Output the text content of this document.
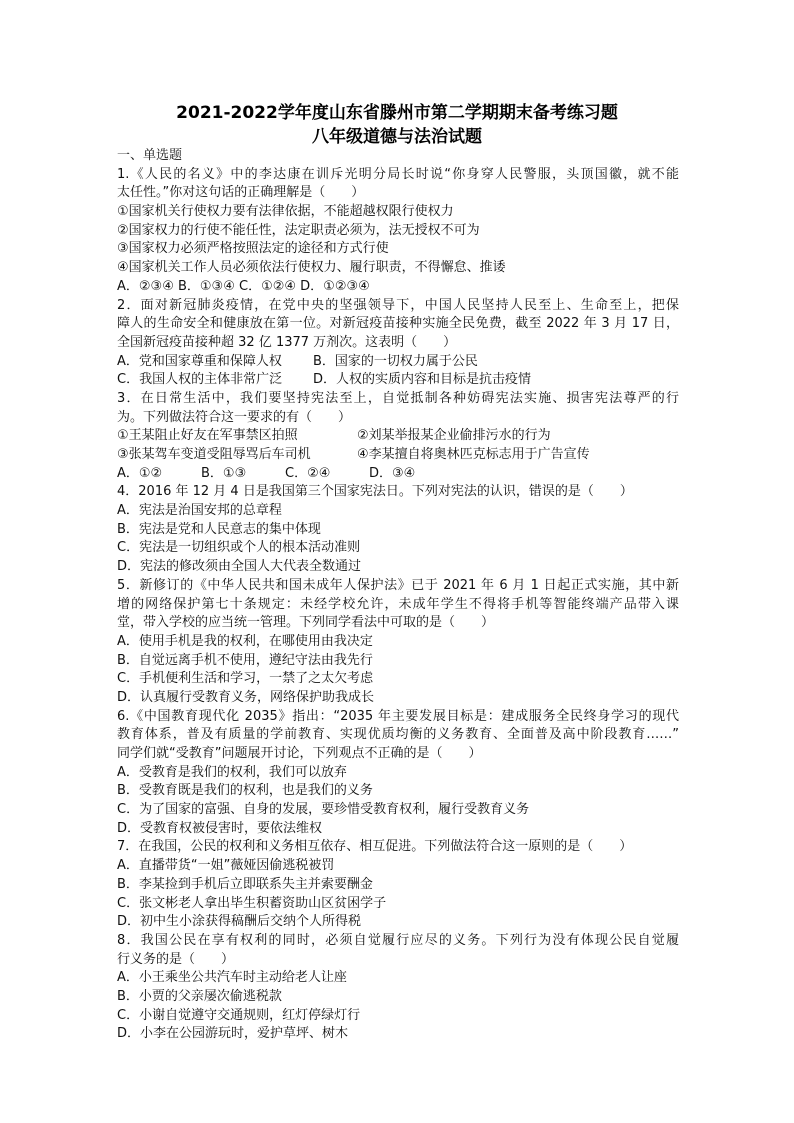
2021-2022学年度山东省滕州市第二学期期末备考练习题
八年级道德与法治试题
一、单选题
1.《人民的名义》中的李达康在训斥光明分局长时说“你身穿人民警服，头顶国徽，就不能
太任性。”你对这句话的正确理解是（　　）
①国家机关行使权力要有法律依据，不能超越权限行使权力
②国家权力的行使不能任性，法定职责必须为，法无授权不可为
③国家权力必须严格按照法定的途径和方式行使
④国家机关工作人员必须依法行使权力、履行职责，不得懈怠、推诿
A．②③④ B．①③④ C．①②④ D．①②③④
2．面对新冠肺炎疫情，在党中央的坚强领导下，中国人民坚持人民至上、生命至上，把保
障人的生命安全和健康放在第一位。对新冠疫苗接种实施全民免费，截至 2022 年 3 月 17 日，
全国新冠疫苗接种超 32 亿 1377 万剂次。这表明（　　）
A．党和国家尊重和保障人权	B．国家的一切权力属于公民
C．我国人权的主体非常广泛	D．人权的实质内容和目标是抗击疫情
3．在日常生活中，我们要坚持宪法至上，自觉抵制各种妨碍宪法实施、损害宪法尊严的行
为。下列做法符合这一要求的有（　　）
①王某阻止好友在军事禁区拍照	②刘某举报某企业偷排污水的行为
③张某驾车变道受阻辱骂后车司机	④李某擅自将奥林匹克标志用于广告宣传
A．①②	B．①③	C．②④	D．③④
4．2016 年 12 月 4 日是我国第三个国家宪法日。下列对宪法的认识，错误的是（　　）
A．宪法是治国安邦的总章程
B．宪法是党和人民意志的集中体现
C．宪法是一切组织或个人的根本活动准则
D．宪法的修改须由全国人大代表全数通过
5．新修订的《中华人民共和国未成年人保护法》已于 2021 年 6 月 1 日起正式实施，其中新
增的网络保护第七十条规定：未经学校允许，未成年学生不得将手机等智能终端产品带入课
堂，带入学校的应当统一管理。下列同学看法中可取的是（　　）
A．使用手机是我的权利，在哪使用由我决定
B．自觉远离手机不使用，遵纪守法由我先行
C．手机便利生活和学习，一禁了之太欠考虑
D．认真履行受教育义务，网络保护助我成长
6.《中国教育现代化 2035》指出：“2035 年主要发展目标是：建成服务全民终身学习的现代
教育体系，普及有质量的学前教育、实现优质均衡的义务教育、全面普及高中阶段教育……”
同学们就“受教育”问题展开讨论，下列观点不正确的是（　　）
A．受教育是我们的权利，我们可以放弃
B．受教育既是我们的权利，也是我们的义务
C．为了国家的富强、自身的发展，要珍惜受教育权利，履行受教育义务
D．受教育权被侵害时，要依法维权
7．在我国，公民的权利和义务相互依存、相互促进。下列做法符合这一原则的是（　　）
A．直播带货“一姐”薇娅因偷逃税被罚
B．李某捡到手机后立即联系失主并索要酬金
C．张文彬老人拿出毕生积蓄资助山区贫困学子
D．初中生小涂获得稿酬后交纳个人所得税
8．我国公民在享有权利的同时，必须自觉履行应尽的义务。下列行为没有体现公民自觉履
行义务的是（　　）
A．小王乘坐公共汽车时主动给老人让座
B．小贾的父亲屡次偷逃税款
C．小谢自觉遵守交通规则，红灯停绿灯行
D．小李在公园游玩时，爱护草坪、树木
